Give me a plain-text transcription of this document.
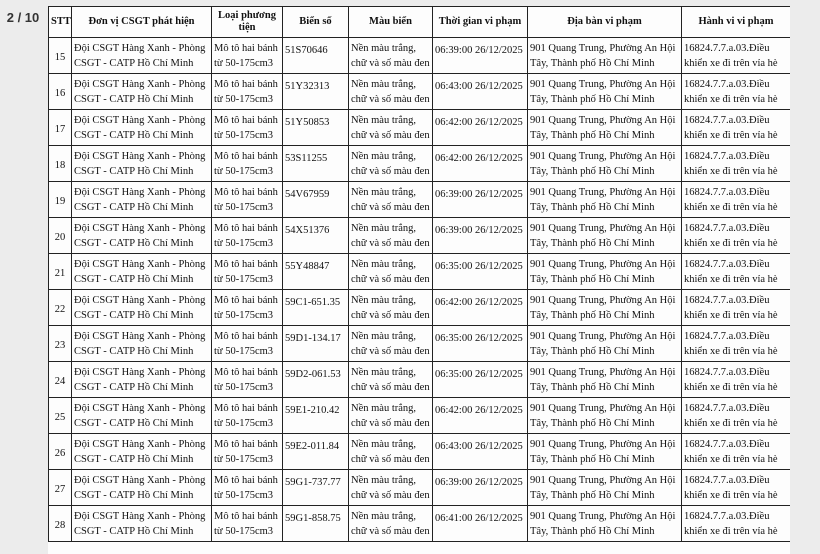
2 / 10	STT	Đơn vị CSGT phát hiện	Loại phương tiện	Biển số	Màu biển	Thời gian vi phạm	Địa bàn vi phạm	Hành vi vi phạm
15	Đội CSGT Hàng Xanh - Phòng CSGT - CATP Hồ Chí Minh	Mô tô hai bánh từ 50-175cm3	51S70646	Nền màu trắng, chữ và số màu đen	06:39:00 26/12/2025	901 Quang Trung, Phường An Hội Tây, Thành phố Hồ Chí Minh	16824.7.7.a.03.Điều khiển xe đi trên vỉa hè
16	Đội CSGT Hàng Xanh - Phòng CSGT - CATP Hồ Chí Minh	Mô tô hai bánh từ 50-175cm3	51Y32313	Nền màu trắng, chữ và số màu đen	06:43:00 26/12/2025	901 Quang Trung, Phường An Hội Tây, Thành phố Hồ Chí Minh	16824.7.7.a.03.Điều khiển xe đi trên vỉa hè
17	Đội CSGT Hàng Xanh - Phòng CSGT - CATP Hồ Chí Minh	Mô tô hai bánh từ 50-175cm3	51Y50853	Nền màu trắng, chữ và số màu đen	06:42:00 26/12/2025	901 Quang Trung, Phường An Hội Tây, Thành phố Hồ Chí Minh	16824.7.7.a.03.Điều khiển xe đi trên vỉa hè
18	Đội CSGT Hàng Xanh - Phòng CSGT - CATP Hồ Chí Minh	Mô tô hai bánh từ 50-175cm3	53S11255	Nền màu trắng, chữ và số màu đen	06:42:00 26/12/2025	901 Quang Trung, Phường An Hội Tây, Thành phố Hồ Chí Minh	16824.7.7.a.03.Điều khiển xe đi trên vỉa hè
19	Đội CSGT Hàng Xanh - Phòng CSGT - CATP Hồ Chí Minh	Mô tô hai bánh từ 50-175cm3	54V67959	Nền màu trắng, chữ và số màu đen	06:39:00 26/12/2025	901 Quang Trung, Phường An Hội Tây, Thành phố Hồ Chí Minh	16824.7.7.a.03.Điều khiển xe đi trên vỉa hè
20	Đội CSGT Hàng Xanh - Phòng CSGT - CATP Hồ Chí Minh	Mô tô hai bánh từ 50-175cm3	54X51376	Nền màu trắng, chữ và số màu đen	06:39:00 26/12/2025	901 Quang Trung, Phường An Hội Tây, Thành phố Hồ Chí Minh	16824.7.7.a.03.Điều khiển xe đi trên vỉa hè
21	Đội CSGT Hàng Xanh - Phòng CSGT - CATP Hồ Chí Minh	Mô tô hai bánh từ 50-175cm3	55Y48847	Nền màu trắng, chữ và số màu đen	06:35:00 26/12/2025	901 Quang Trung, Phường An Hội Tây, Thành phố Hồ Chí Minh	16824.7.7.a.03.Điều khiển xe đi trên vỉa hè
22	Đội CSGT Hàng Xanh - Phòng CSGT - CATP Hồ Chí Minh	Mô tô hai bánh từ 50-175cm3	59C1-651.35	Nền màu trắng, chữ và số màu đen	06:42:00 26/12/2025	901 Quang Trung, Phường An Hội Tây, Thành phố Hồ Chí Minh	16824.7.7.a.03.Điều khiển xe đi trên vỉa hè
23	Đội CSGT Hàng Xanh - Phòng CSGT - CATP Hồ Chí Minh	Mô tô hai bánh từ 50-175cm3	59D1-134.17	Nền màu trắng, chữ và số màu đen	06:35:00 26/12/2025	901 Quang Trung, Phường An Hội Tây, Thành phố Hồ Chí Minh	16824.7.7.a.03.Điều khiển xe đi trên vỉa hè
24	Đội CSGT Hàng Xanh - Phòng CSGT - CATP Hồ Chí Minh	Mô tô hai bánh từ 50-175cm3	59D2-061.53	Nền màu trắng, chữ và số màu đen	06:35:00 26/12/2025	901 Quang Trung, Phường An Hội Tây, Thành phố Hồ Chí Minh	16824.7.7.a.03.Điều khiển xe đi trên vỉa hè
25	Đội CSGT Hàng Xanh - Phòng CSGT - CATP Hồ Chí Minh	Mô tô hai bánh từ 50-175cm3	59E1-210.42	Nền màu trắng, chữ và số màu đen	06:42:00 26/12/2025	901 Quang Trung, Phường An Hội Tây, Thành phố Hồ Chí Minh	16824.7.7.a.03.Điều khiển xe đi trên vỉa hè
26	Đội CSGT Hàng Xanh - Phòng CSGT - CATP Hồ Chí Minh	Mô tô hai bánh từ 50-175cm3	59E2-011.84	Nền màu trắng, chữ và số màu đen	06:43:00 26/12/2025	901 Quang Trung, Phường An Hội Tây, Thành phố Hồ Chí Minh	16824.7.7.a.03.Điều khiển xe đi trên vỉa hè
27	Đội CSGT Hàng Xanh - Phòng CSGT - CATP Hồ Chí Minh	Mô tô hai bánh từ 50-175cm3	59G1-737.77	Nền màu trắng, chữ và số màu đen	06:39:00 26/12/2025	901 Quang Trung, Phường An Hội Tây, Thành phố Hồ Chí Minh	16824.7.7.a.03.Điều khiển xe đi trên vỉa hè
28	Đội CSGT Hàng Xanh - Phòng CSGT - CATP Hồ Chí Minh	Mô tô hai bánh từ 50-175cm3	59G1-858.75	Nền màu trắng, chữ và số màu đen	06:41:00 26/12/2025	901 Quang Trung, Phường An Hội Tây, Thành phố Hồ Chí Minh	16824.7.7.a.03.Điều khiển xe đi trên vỉa hè
